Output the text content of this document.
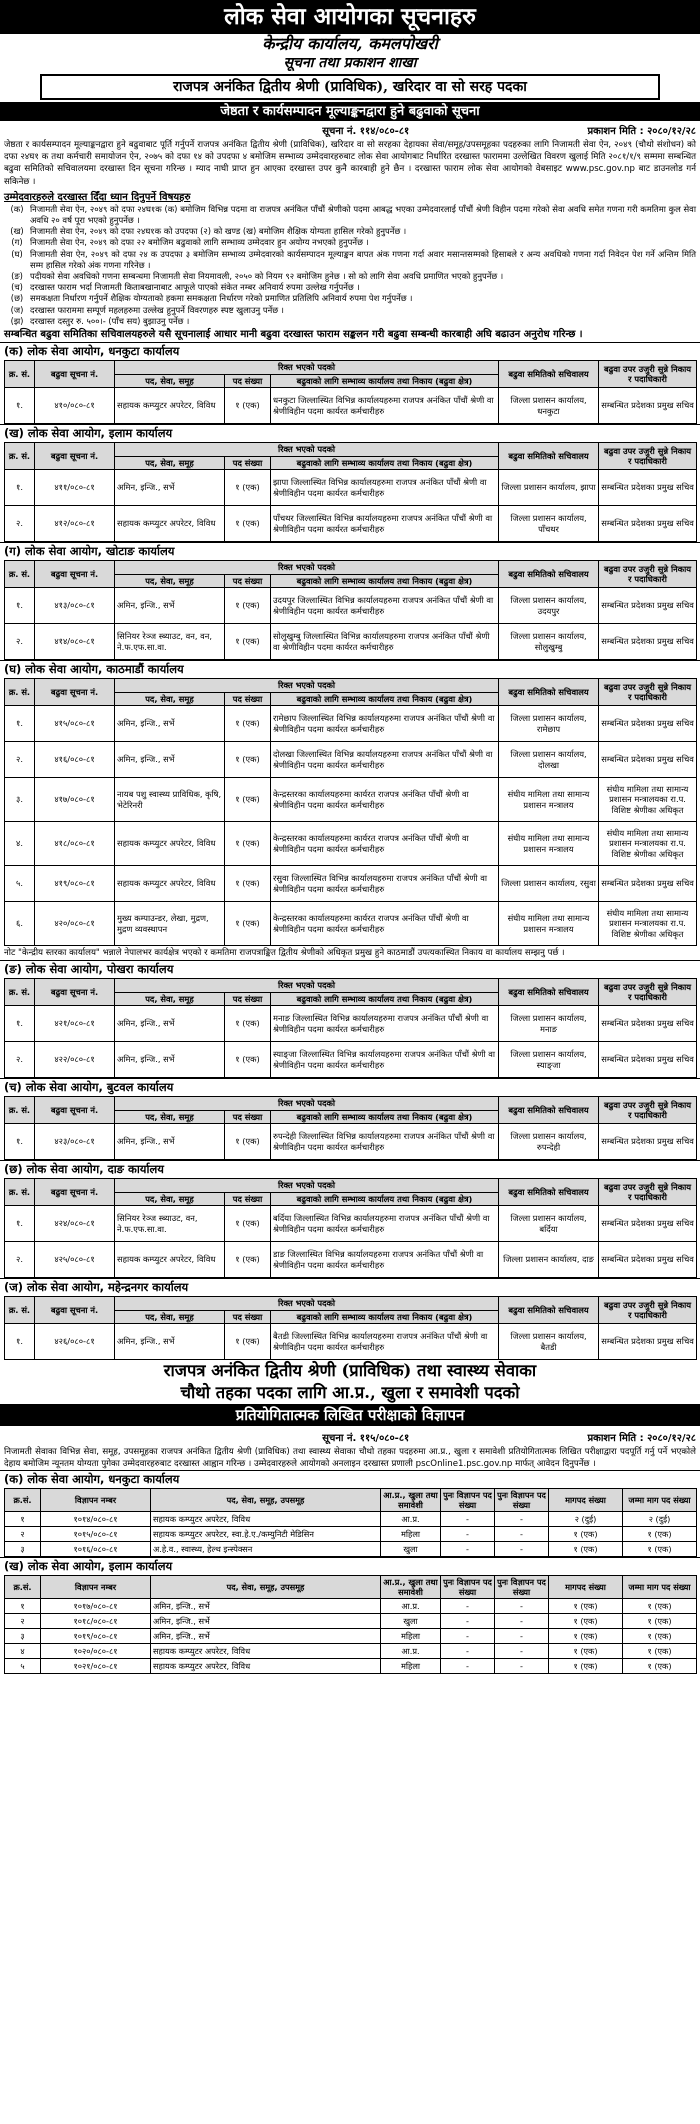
लोक सेवा आयोगका सूचनाहरु
केन्द्रीय कार्यालय, कमलपोखरी
सूचना तथा प्रकाशन शाखा
राजपत्र अनंकित द्वितीय श्रेणी (प्राविधिक), खरिदार वा सो सरह पदका
जेष्ठता र कार्यसम्पादन मूल्याङ्कनद्वारा हुने बढुवाको सूचना
सूचना नं. ११४/०८०-८१	प्रकाशन मिति : २०८०/१२/२८
जेष्ठता र कार्यसम्पादन मूल्याङ्कनद्वारा हुने बढुवाबाट पूर्ति गर्नुपर्ने राजपत्र अनंकित द्वितीय श्रेणी (प्राविधिक), खरिदार वा सो सरहका देहायका सेवा/समूह/उपसमूहका पदहरुका लागि निजामती सेवा ऐन, २०४९ (चौथो संशोधन) को दफा २४घ१ क तथा कर्मचारी समायोजन ऐन, २०७५ को दफा १४ को उपदफा ४ बमोजिम सम्भाव्य उम्मेदवारहरुबाट लोक सेवा आयोगबाट निर्धारित दरखास्त फाराममा उल्लेखित विवरण खुलाई मिति २०८१/१/९ सम्ममा सम्बन्धित बढुवा समितिको सचिवालयमा दरखास्त दिन सूचना गरिन्छ । म्याद नाघी प्राप्त हुन आएका दरखास्त उपर कुनै कारबाही हुने छैन । दरखास्त फाराम लोक सेवा आयोगको वेबसाइट www.psc.gov.np बाट डाउनलोड गर्न सकिनेछ ।
उम्मेदवारहरुले दरखास्त दिँदा ध्यान दिनुपर्ने विषयहरु
(क) निजामती सेवा ऐन, २०४९ को दफा २४घ१क (क) बमोजिम विभिन्न पदमा वा राजपत्र अनंकित पाँचौं श्रेणीको पदमा आबद्ध भएका उम्मेदवारलाई पाँचौं श्रेणी विहीन पदमा गरेको सेवा अवधि समेत गणना गरी कमतिमा कुल सेवा अवधि २० वर्ष पूरा भएको हुनुपर्नेछ ।
(ख) निजामती सेवा ऐन, २०४९ को दफा २४घ१क को उपदफा (२) को खण्ड (ख) बमोजिम शैक्षिक योग्यता हासिल गरेको हुनुपर्नेछ ।
(ग) निजामती सेवा ऐन, २०४९ को दफा २२ बमोजिम बढुवाको लागि सम्भाव्य उम्मेदवार हुन अयोग्य नभएको हुनुपर्नेछ ।
(घ) निजामती सेवा ऐन, २०४९ को दफा २४ क उपदफा ३ बमोजिम सम्भाव्य उम्मेदवारको कार्यसम्पादन मूल्याङ्कन बापत अंक गणना गर्दा अवार मसान्तसम्मको हिसाबले र अन्य अवधिको गणना गर्दा निवेदन पेश गर्ने अन्तिम मिति सम्म हासिल गरेको अंक गणना गरिनेछ ।
(ङ) पदीयको सेवा अवधिको गणना सम्बन्धमा निजामती सेवा नियमावली, २०५० को नियम ९२ बमोजिम हुनेछ । सो को लागि सेवा अवधि प्रमाणित भएको हुनुपर्नेछ ।
(च) दरखास्त फाराम भर्दा निजामती किताबखानाबाट आफूले पाएको संकेत नम्बर अनिवार्य रुपमा उल्लेख गर्नुपर्नेछ ।
(छ) समकक्षता निर्धारण गर्नुपर्ने शैक्षिक योग्यताको हकमा समकक्षता निर्धारण गरेको प्रमाणित प्रतिलिपि अनिवार्य रुपमा पेश गर्नुपर्नेछ ।
(ज) दरखास्त फाराममा सम्पूर्ण महलहरुमा उल्लेख हुनुपर्ने विवरणहरु स्पष्ट खुलाउनु पर्नेछ ।
(झ) दरखास्त दस्तुर रु. ५००।- (पाँच सय) बुझाउनु पर्नेछ ।
सम्बन्धित बढुवा समितिका सचिवालयहरुले यसै सूचनालाई आधार मानी बढुवा दरखास्त फाराम सङ्कलन गरी बढुवा सम्बन्धी कारबाही अघि बढाउन अनुरोध गरिन्छ ।
(क) लोक सेवा आयोग, धनकुटा कार्यालय
क्र. सं.	बढुवा सूचना नं.	रिक्त भएको पदको			बढुवा समितिको सचिवालय	बढुवा उपर उजुरी सुन्ने निकाय र पदाधिकारी
		पद, सेवा, समूह	पद संख्या	बढुवाको लागि सम्भाव्य कार्यालय तथा निकाय (बढुवा क्षेत्र)		
१.	४१०/०८०-८१	सहायक कम्प्युटर अपरेटर, विविध	१ (एक)	धनकुटा जिल्लास्थित विभिन्न कार्यालयहरुमा राजपत्र अनंकित पाँचौं श्रेणी वा श्रेणीविहीन पदमा कार्यरत कर्मचारीहरु	जिल्ला प्रशासन कार्यालय, धनकुटा	सम्बन्धित प्रदेशका प्रमुख सचिव
(ख) लोक सेवा आयोग, इलाम कार्यालय
क्र. सं.	बढुवा सूचना नं.	रिक्त भएको पदको			बढुवा समितिको सचिवालय	बढुवा उपर उजुरी सुन्ने निकाय र पदाधिकारी
		पद, सेवा, समूह	पद संख्या	बढुवाको लागि सम्भाव्य कार्यालय तथा निकाय (बढुवा क्षेत्र)		
१.	४११/०८०-८१	अमिन, इन्जि., सर्भे	१ (एक)	झापा जिल्लास्थित विभिन्न कार्यालयहरुमा राजपत्र अनंकित पाँचौं श्रेणी वा श्रेणीविहीन पदमा कार्यरत कर्मचारीहरु	जिल्ला प्रशासन कार्यालय, झापा	सम्बन्धित प्रदेशका प्रमुख सचिव
२.	४१२/०८०-८१	सहायक कम्प्युटर अपरेटर, विविध	१ (एक)	पाँचथर जिल्लास्थित विभिन्न कार्यालयहरुमा राजपत्र अनंकित पाँचौं श्रेणी वा श्रेणीविहीन पदमा कार्यरत कर्मचारीहरु	जिल्ला प्रशासन कार्यालय, पाँचथर	सम्बन्धित प्रदेशका प्रमुख सचिव
(ग) लोक सेवा आयोग, खोटाङ कार्यालय
क्र. सं.	बढुवा सूचना नं.	रिक्त भएको पदको			बढुवा समितिको सचिवालय	बढुवा उपर उजुरी सुन्ने निकाय र पदाधिकारी
		पद, सेवा, समूह	पद संख्या	बढुवाको लागि सम्भाव्य कार्यालय तथा निकाय (बढुवा क्षेत्र)		
१.	४१३/०८०-८१	अमिन, इन्जि., सर्भे	१ (एक)	उदयपुर जिल्लास्थित विभिन्न कार्यालयहरुमा राजपत्र अनंकित पाँचौं श्रेणी वा श्रेणीविहीन पदमा कार्यरत कर्मचारीहरु	जिल्ला प्रशासन कार्यालय, उदयपुर	सम्बन्धित प्रदेशका प्रमुख सचिव
२.	४१४/०८०-८१	सिनियर रेञ्ज स्ब्याउट, वन, वन, ने.फ.एफ.सा.वा.	१ (एक)	सोलुखुम्बु जिल्लास्थित विभिन्न कार्यालयहरुमा राजपत्र अनंकित पाँचौं श्रेणी वा श्रेणीविहीन पदमा कार्यरत कर्मचारीहरु	जिल्ला प्रशासन कार्यालय, सोलुखुम्बु	सम्बन्धित प्रदेशका प्रमुख सचिव
(घ) लोक सेवा आयोग, काठमाडौं कार्यालय
क्र. सं.	बढुवा सूचना नं.	रिक्त भएको पदको			बढुवा समितिको सचिवालय	बढुवा उपर उजुरी सुन्ने निकाय र पदाधिकारी
		पद, सेवा, समूह	पद संख्या	बढुवाको लागि सम्भाव्य कार्यालय तथा निकाय (बढुवा क्षेत्र)		
१.	४१५/०८०-८१	अमिन, इन्जि., सर्भे	१ (एक)	रामेछाप जिल्लास्थित विभिन्न कार्यालयहरुमा राजपत्र अनंकित पाँचौं श्रेणी वा श्रेणीविहीन पदमा कार्यरत कर्मचारीहरु	जिल्ला प्रशासन कार्यालय, रामेछाप	सम्बन्धित प्रदेशका प्रमुख सचिव
२.	४१६/०८०-८१	अमिन, इन्जि., सर्भे	१ (एक)	दोलखा जिल्लास्थित विभिन्न कार्यालयहरुमा राजपत्र अनंकित पाँचौं श्रेणी वा श्रेणीविहीन पदमा कार्यरत कर्मचारीहरु	जिल्ला प्रशासन कार्यालय, दोलखा	सम्बन्धित प्रदेशका प्रमुख सचिव
३.	४१७/०८०-८१	नायब पशु स्वास्थ्य प्राविधिक, कृषि, भेटेरिनरी	१ (एक)	केन्द्रस्तरका कार्यालयहरुमा कार्यरत राजपत्र अनंकित पाँचौं श्रेणी वा श्रेणीविहीन पदमा कार्यरत कर्मचारीहरु	संघीय मामिला तथा सामान्य प्रशासन मन्त्रालय	संघीय मामिला तथा सामान्य प्रशासन मन्त्रालयका रा.प. विशिष्ट श्रेणीका अधिकृत
४.	४१८/०८०-८१	सहायक कम्प्युटर अपरेटर, विविध	१ (एक)	केन्द्रस्तरका कार्यालयहरुमा कार्यरत राजपत्र अनंकित पाँचौं श्रेणी वा श्रेणीविहीन पदमा कार्यरत कर्मचारीहरु	संघीय मामिला तथा सामान्य प्रशासन मन्त्रालय	संघीय मामिला तथा सामान्य प्रशासन मन्त्रालयका रा.प. विशिष्ट श्रेणीका अधिकृत
५.	४१९/०८०-८१	सहायक कम्प्युटर अपरेटर, विविध	१ (एक)	रसुवा जिल्लास्थित विभिन्न कार्यालयहरुमा राजपत्र अनंकित पाँचौं श्रेणी वा श्रेणीविहीन पदमा कार्यरत कर्मचारीहरु	जिल्ला प्रशासन कार्यालय, रसुवा	सम्बन्धित प्रदेशका प्रमुख सचिव
६.	४२०/०८०-८१	मुख्य कम्पाउन्डर, लेखा, मुद्रण, मुद्रण व्यवस्थापन	१ (एक)	केन्द्रस्तरका कार्यालयहरुमा कार्यरत राजपत्र अनंकित पाँचौं श्रेणी वा श्रेणीविहीन पदमा कार्यरत कर्मचारीहरु	संघीय मामिला तथा सामान्य प्रशासन मन्त्रालय	संघीय मामिला तथा सामान्य प्रशासन मन्त्रालयका रा.प. विशिष्ट श्रेणीका अधिकृत
नोट "केन्द्रीय स्तरका कार्यालय" भन्नाले नेपालभर कार्यक्षेत्र भएको र कमतिमा राजपत्राङ्कित द्वितीय श्रेणीको अधिकृत प्रमुख हुने काठमाडौं उपत्यकास्थित निकाय वा कार्यालय सम्झनु पर्छ ।
(ङ) लोक सेवा आयोग, पोखरा कार्यालय
क्र. सं.	बढुवा सूचना नं.	रिक्त भएको पदको			बढुवा समितिको सचिवालय	बढुवा उपर उजुरी सुन्ने निकाय र पदाधिकारी
		पद, सेवा, समूह	पद संख्या	बढुवाको लागि सम्भाव्य कार्यालय तथा निकाय (बढुवा क्षेत्र)		
१.	४२१/०८०-८१	अमिन, इन्जि., सर्भे	१ (एक)	मनाङ जिल्लास्थित विभिन्न कार्यालयहरुमा राजपत्र अनंकित पाँचौं श्रेणी वा श्रेणीविहीन पदमा कार्यरत कर्मचारीहरु	जिल्ला प्रशासन कार्यालय, मनाङ	सम्बन्धित प्रदेशका प्रमुख सचिव
२.	४२२/०८०-८१	अमिन, इन्जि., सर्भे	१ (एक)	स्याङ्जा जिल्लास्थित विभिन्न कार्यालयहरुमा राजपत्र अनंकित पाँचौं श्रेणी वा श्रेणीविहीन पदमा कार्यरत कर्मचारीहरु	जिल्ला प्रशासन कार्यालय, स्याङ्जा	सम्बन्धित प्रदेशका प्रमुख सचिव
(च) लोक सेवा आयोग, बुटवल कार्यालय
क्र. सं.	बढुवा सूचना नं.	रिक्त भएको पदको			बढुवा समितिको सचिवालय	बढुवा उपर उजुरी सुन्ने निकाय र पदाधिकारी
		पद, सेवा, समूह	पद संख्या	बढुवाको लागि सम्भाव्य कार्यालय तथा निकाय (बढुवा क्षेत्र)		
१.	४२३/०८०-८१	अमिन, इन्जि., सर्भे	१ (एक)	रुपन्देही जिल्लास्थित विभिन्न कार्यालयहरुमा राजपत्र अनंकित पाँचौं श्रेणी वा श्रेणीविहीन पदमा कार्यरत कर्मचारीहरु	जिल्ला प्रशासन कार्यालय, रुपन्देही	सम्बन्धित प्रदेशका प्रमुख सचिव
(छ) लोक सेवा आयोग, दाङ कार्यालय
क्र. सं.	बढुवा सूचना नं.	रिक्त भएको पदको			बढुवा समितिको सचिवालय	बढुवा उपर उजुरी सुन्ने निकाय र पदाधिकारी
		पद, सेवा, समूह	पद संख्या	बढुवाको लागि सम्भाव्य कार्यालय तथा निकाय (बढुवा क्षेत्र)		
१.	४२४/०८०-८१	सिनियर रेञ्ज स्ब्याउट, वन, ने.फ.एफ.सा.वा.	१ (एक)	बर्दिया जिल्लास्थित विभिन्न कार्यालयहरुमा राजपत्र अनंकित पाँचौं श्रेणी वा श्रेणीविहीन पदमा कार्यरत कर्मचारीहरु	जिल्ला प्रशासन कार्यालय, बर्दिया	सम्बन्धित प्रदेशका प्रमुख सचिव
२.	४२५/०८०-८१	सहायक कम्प्युटर अपरेटर, विविध	१ (एक)	डाङ जिल्लास्थित विभिन्न कार्यालयहरुमा राजपत्र अनंकित पाँचौं श्रेणी वा श्रेणीविहीन पदमा कार्यरत कर्मचारीहरु	जिल्ला प्रशासन कार्यालय, दाङ	सम्बन्धित प्रदेशका प्रमुख सचिव
(ज) लोक सेवा आयोग, महेन्द्रनगर कार्यालय
क्र. सं.	बढुवा सूचना नं.	रिक्त भएको पदको			बढुवा समितिको सचिवालय	बढुवा उपर उजुरी सुन्ने निकाय र पदाधिकारी
		पद, सेवा, समूह	पद संख्या	बढुवाको लागि सम्भाव्य कार्यालय तथा निकाय (बढुवा क्षेत्र)		
१.	४२६/०८०-८१	अमिन, इन्जि., सर्भे	१ (एक)	बैतडी जिल्लास्थित विभिन्न कार्यालयहरुमा राजपत्र अनंकित पाँचौं श्रेणी वा श्रेणीविहीन पदमा कार्यरत कर्मचारीहरु	जिल्ला प्रशासन कार्यालय, बैतडी	सम्बन्धित प्रदेशका प्रमुख सचिव
राजपत्र अनंकित द्वितीय श्रेणी (प्राविधिक) तथा स्वास्थ्य सेवाका
चौथो तहका पदका लागि आ.प्र., खुला र समावेशी पदको
प्रतियोगितात्मक लिखित परीक्षाको विज्ञापन
सूचना नं. ११५/०८०-८१	प्रकाशन मिति : २०८०/१२/२८
निजामती सेवाका विभिन्न सेवा, समूह, उपसमूहका राजपत्र अनंकित द्वितीय श्रेणी (प्राविधिक) तथा स्वास्थ्य सेवाका चौथो तहका पदहरुमा आ.प्र., खुला र समावेशी प्रतियोगितात्मक लिखित परीक्षाद्वारा पदपूर्ति गर्नु पर्ने भएकोले देहाय बमोजिम न्यूनतम योग्यता पुगेका उम्मेदवारहरुबाट दरखास्त आह्वान गरिन्छ । उम्मेदवारहरुले आयोगको अनलाइन दरखास्त प्रणाली pscOnline1.psc.gov.np मार्फत् आवेदन दिनुपर्नेछ ।
(क) लोक सेवा आयोग, धनकुटा कार्यालय
क्र.सं.	विज्ञापन नम्बर	पद, सेवा, समूह, उपसमूह	आ.प्र., खुला तथा समावेशी	पुनः विज्ञापन पद संख्या	पुनः विज्ञापन पद संख्या	मागपद संख्या	जम्मा माग पद संख्या
१	१०१४/०८०-८१	सहायक कम्प्युटर अपरेटर, विविध	आ.प्र.	-	-	२ (दुई)	२ (दुई)
२	१०१५/०८०-८१	सहायक कम्प्युटर अपरेटर, स्वा.हे.ए./कम्युनिटी मेडिसिन	महिला	-	-	१ (एक)	१ (एक)
३	१०१६/०८०-८१	अ.हे.व., स्वास्थ्य, हेल्थ इन्स्पेक्सन	खुला	-	-	१ (एक)	१ (एक)
(ख) लोक सेवा आयोग, इलाम कार्यालय
क्र.सं.	विज्ञापन नम्बर	पद, सेवा, समूह, उपसमूह	आ.प्र., खुला तथा समावेशी	पुनः विज्ञापन पद संख्या	पुनः विज्ञापन पद संख्या	मागपद संख्या	जम्मा माग पद संख्या
१	१०१७/०८०-८१	अमिन, इन्जि., सर्भे	आ.प्र.	-	-	१ (एक)	१ (एक)
२	१०१८/०८०-८१	अमिन, इन्जि., सर्भे	खुला	-	-	१ (एक)	१ (एक)
३	१०१९/०८०-८१	अमिन, इन्जि., सर्भे	महिला	-	-	१ (एक)	१ (एक)
४	१०२०/०८०-८१	सहायक कम्प्युटर अपरेटर, विविध	आ.प्र.	-	-	१ (एक)	१ (एक)
५	१०२१/०८०-८१	सहायक कम्प्युटर अपरेटर, विविध	महिला	-	-	१ (एक)	१ (एक)
